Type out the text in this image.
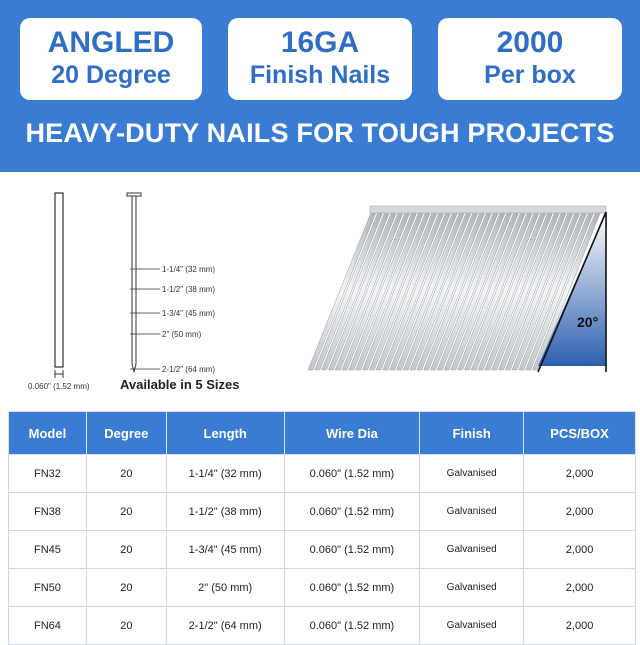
ANGLED
20 Degree
16GA
Finish Nails
2000
Per box
HEAVY-DUTY NAILS FOR TOUGH PROJECTS
1-1/4" (32 mm)
1-1/2" (38 mm)
1-3/4" (45 mm)
2" (50 mm)
2-1/2" (64 mm)
0.060" (1.52 mm) Available in 5 Sizes
20°
Model	Degree	Length	Wire Dia	Finish	PCS/BOX
FN32	20	1-1/4" (32 mm)	0.060" (1.52 mm)	Galvanised	2,000
FN38	20	1-1/2" (38 mm)	0.060" (1.52 mm)	Galvanised	2,000
FN45	20	1-3/4" (45 mm)	0.060" (1.52 mm)	Galvanised	2,000
FN50	20	2" (50 mm)	0.060" (1.52 mm)	Galvanised	2,000
FN64	20	2-1/2" (64 mm)	0.060" (1.52 mm)	Galvanised	2,000
